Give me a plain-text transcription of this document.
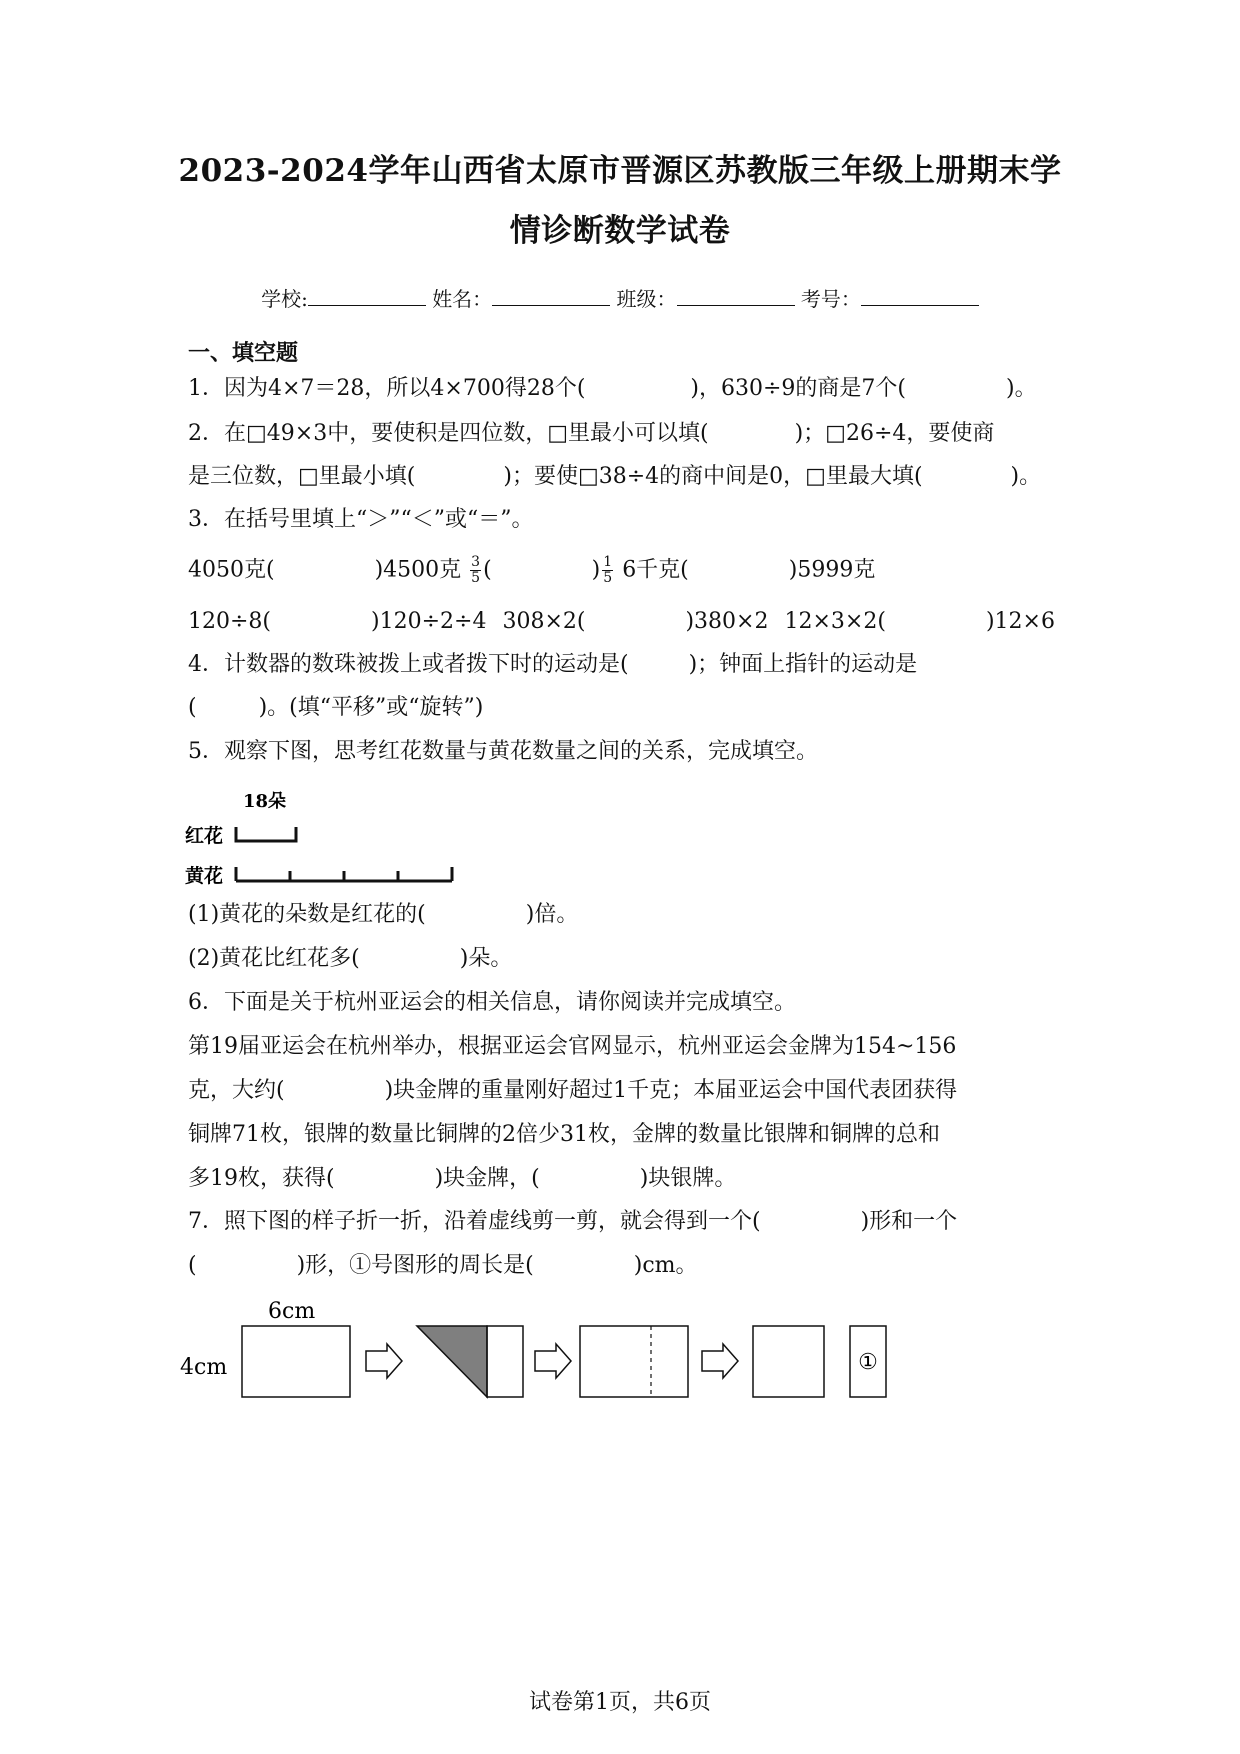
2023-2024学年山西省太原市晋源区苏教版三年级上册期末学
情诊断数学试卷
学校:	姓名：	班级：	考号：
一、填空题
1．因为4×7＝28，所以4×700得28个(	)，630÷9的商是7个(	)。
2．在□49×3中，要使积是四位数，□里最小可以填(	)；□26÷4，要使商
是三位数，□里最小填(	)；要使□38÷4的商中间是0，□里最大填(	)。
3．在括号里填上“＞”“＜”或“＝”。
4050克(	)4500克 $\frac{3}{5}$ (	) $\frac{1}{5} 6$千克(	)5999克
120÷8(	)120÷2÷4 308×2(	)380×2 12×3×2(	)12×6
4．计数器的数珠被拨上或者拨下时的运动是(	)；钟面上指针的运动是
(	)。(填“平移”或“旋转”)
5．观察下图，思考红花数量与黄花数量之间的关系，完成填空。
18朵
红花
黄花
(1)黄花的朵数是红花的(	)倍。
(2)黄花比红花多(	)朵。
6．下面是关于杭州亚运会的相关信息，请你阅读并完成填空。
第19届亚运会在杭州举办，根据亚运会官网显示，杭州亚运会金牌为154~156
克，大约(	)块金牌的重量刚好超过1千克；本届亚运会中国代表团获得
铜牌71枚，银牌的数量比铜牌的2倍少31枚，金牌的数量比银牌和铜牌的总和
多19枚，获得(	)块金牌，(	)块银牌。
7．照下图的样子折一折，沿着虚线剪一剪，就会得到一个(	)形和一个
(	)形，①号图形的周长是(	)cm。
6cm
4cm	①
试卷第1页，共6页
